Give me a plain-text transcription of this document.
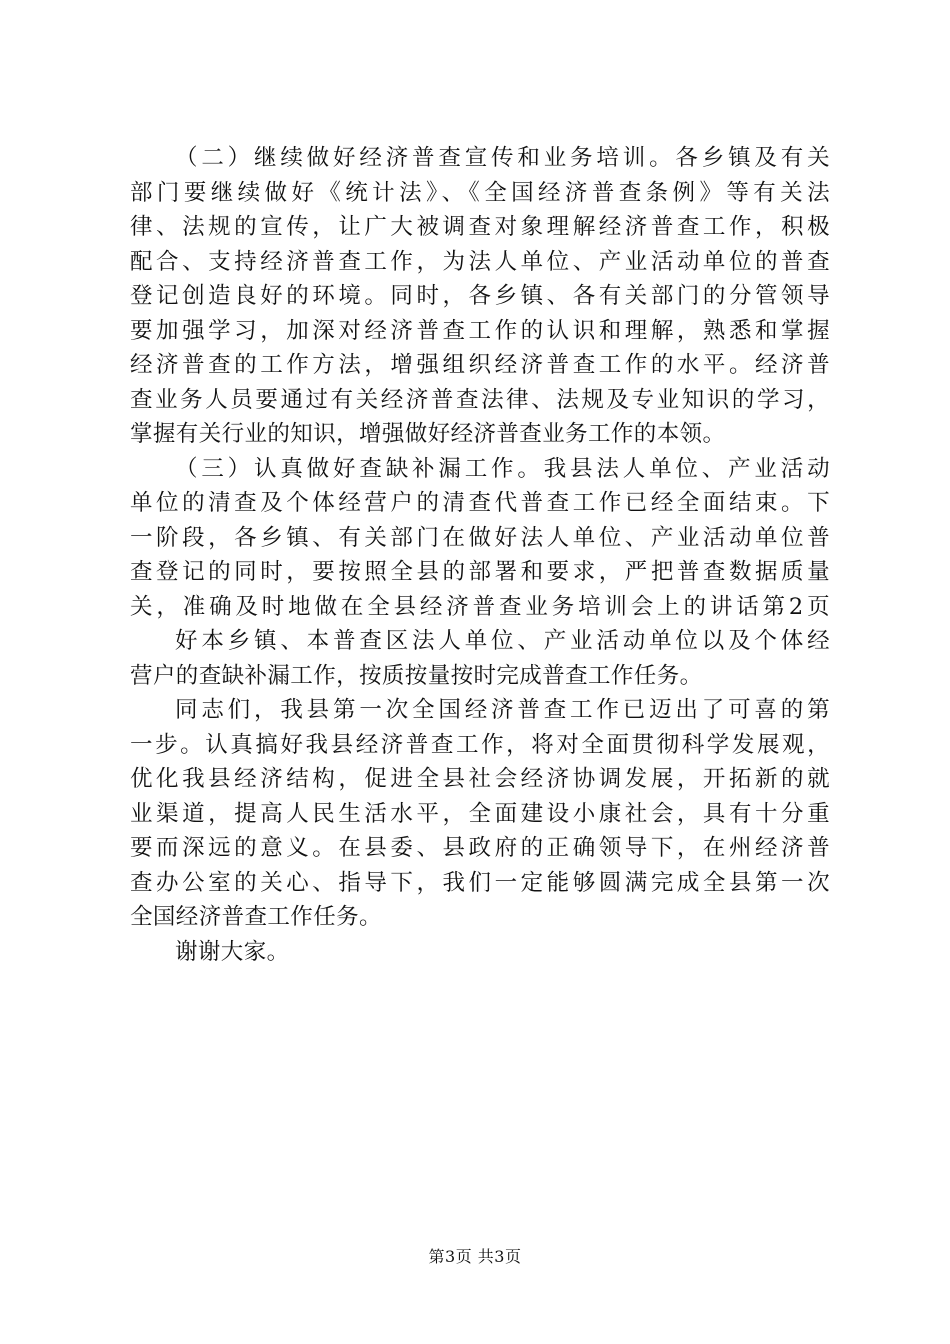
（二）继续做好经济普查宣传和业务培训。各乡镇及有关
部门要继续做好《统计法》、《全国经济普查条例》等有关法
律、法规的宣传，让广大被调查对象理解经济普查工作，积极
配合、支持经济普查工作，为法人单位、产业活动单位的普查
登记创造良好的环境。同时，各乡镇、各有关部门的分管领导
要加强学习，加深对经济普查工作的认识和理解，熟悉和掌握
经济普查的工作方法，增强组织经济普查工作的水平。经济普
查业务人员要通过有关经济普查法律、法规及专业知识的学习，
掌握有关行业的知识，增强做好经济普查业务工作的本领。
（三）认真做好查缺补漏工作。我县法人单位、产业活动
单位的清查及个体经营户的清查代普查工作已经全面结束。下
一阶段，各乡镇、有关部门在做好法人单位、产业活动单位普
查登记的同时，要按照全县的部署和要求，严把普查数据质量
关，准确及时地做在全县经济普查业务培训会上的讲话第2页
好本乡镇、本普查区法人单位、产业活动单位以及个体经
营户的查缺补漏工作，按质按量按时完成普查工作任务。
同志们，我县第一次全国经济普查工作已迈出了可喜的第
一步。认真搞好我县经济普查工作，将对全面贯彻科学发展观，
优化我县经济结构，促进全县社会经济协调发展，开拓新的就
业渠道，提高人民生活水平，全面建设小康社会，具有十分重
要而深远的意义。在县委、县政府的正确领导下，在州经济普
查办公室的关心、指导下，我们一定能够圆满完成全县第一次
全国经济普查工作任务。
谢谢大家。
第3页 共3页
